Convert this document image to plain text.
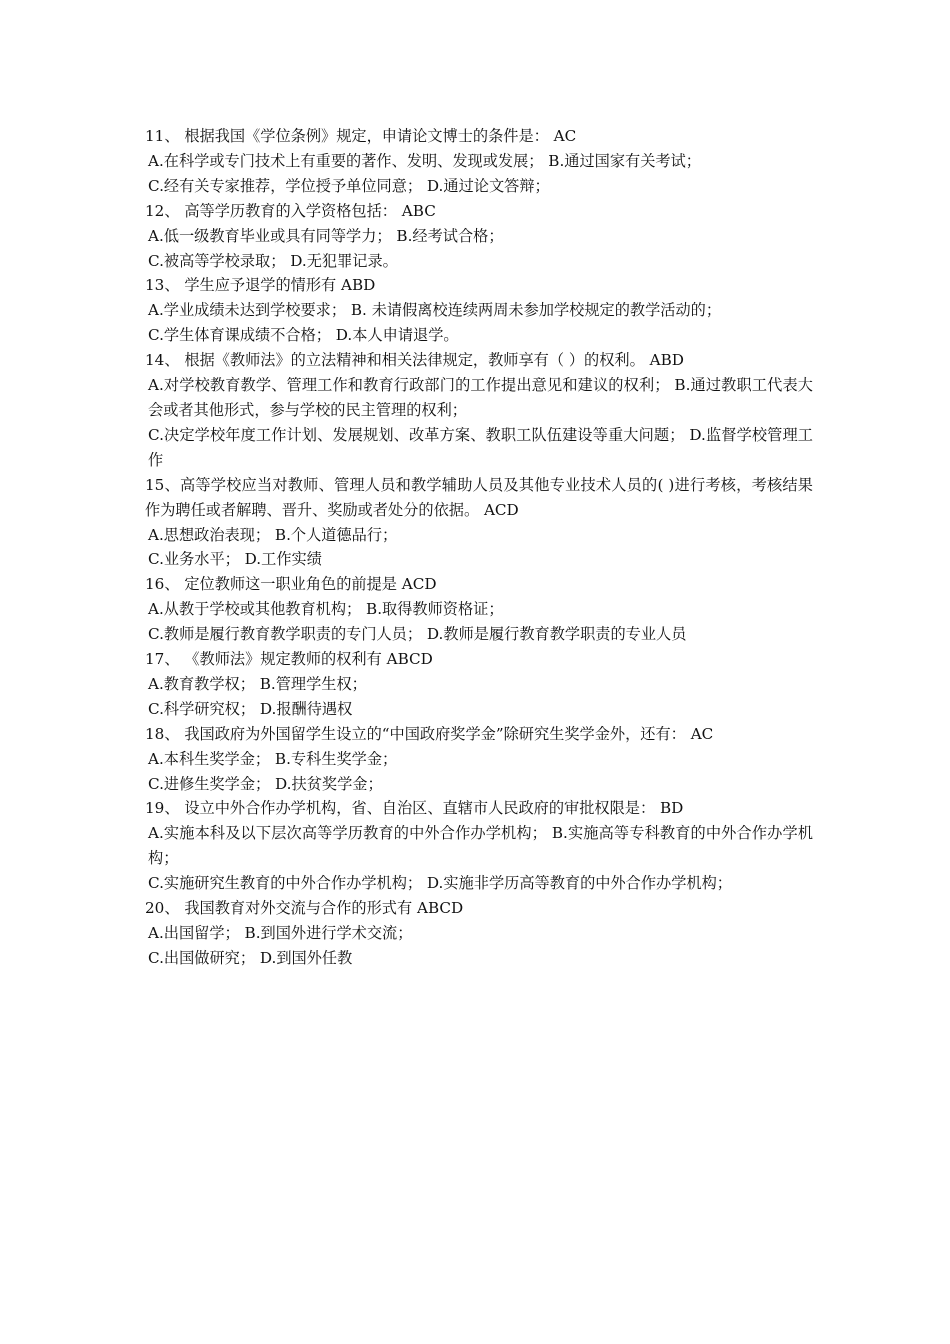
11、 根据我国《学位条例》规定，申请论文博士的条件是： AC
A.在科学或专门技术上有重要的著作、发明、发现或发展； B.通过国家有关考试；
C.经有关专家推荐，学位授予单位同意； D.通过论文答辩；
12、 高等学历教育的入学资格包括： ABC
A.低一级教育毕业或具有同等学力； B.经考试合格；
C.被高等学校录取； D.无犯罪记录。
13、 学生应予退学的情形有 ABD
A.学业成绩未达到学校要求； B. 未请假离校连续两周未参加学校规定的教学活动的；
C.学生体育课成绩不合格； D.本人申请退学。
14、 根据《教师法》的立法精神和相关法律规定，教师享有（ ）的权利。 ABD
A.对学校教育教学、管理工作和教育行政部门的工作提出意见和建议的权利； B.通过教职工代表大会或者其他形式，参与学校的民主管理的权利；
C.决定学校年度工作计划、发展规划、改革方案、教职工队伍建设等重大问题； D.监督学校管理工作
15、高等学校应当对教师、管理人员和教学辅助人员及其他专业技术人员的( )进行考核，考核结果作为聘任或者解聘、晋升、奖励或者处分的依据。 ACD
A.思想政治表现； B.个人道德品行；
C.业务水平； D.工作实绩
16、 定位教师这一职业角色的前提是 ACD
A.从教于学校或其他教育机构； B.取得教师资格证；
C.教师是履行教育教学职责的专门人员； D.教师是履行教育教学职责的专业人员
17、 《教师法》规定教师的权利有 ABCD
A.教育教学权； B.管理学生权；
C.科学研究权； D.报酬待遇权
18、 我国政府为外国留学生设立的“中国政府奖学金”除研究生奖学金外，还有： AC
A.本科生奖学金； B.专科生奖学金；
C.进修生奖学金； D.扶贫奖学金；
19、 设立中外合作办学机构，省、自治区、直辖市人民政府的审批权限是： BD
A.实施本科及以下层次高等学历教育的中外合作办学机构； B.实施高等专科教育的中外合作办学机构；
C.实施研究生教育的中外合作办学机构； D.实施非学历高等教育的中外合作办学机构；
20、 我国教育对外交流与合作的形式有 ABCD
A.出国留学； B.到国外进行学术交流；
C.出国做研究； D.到国外任教
